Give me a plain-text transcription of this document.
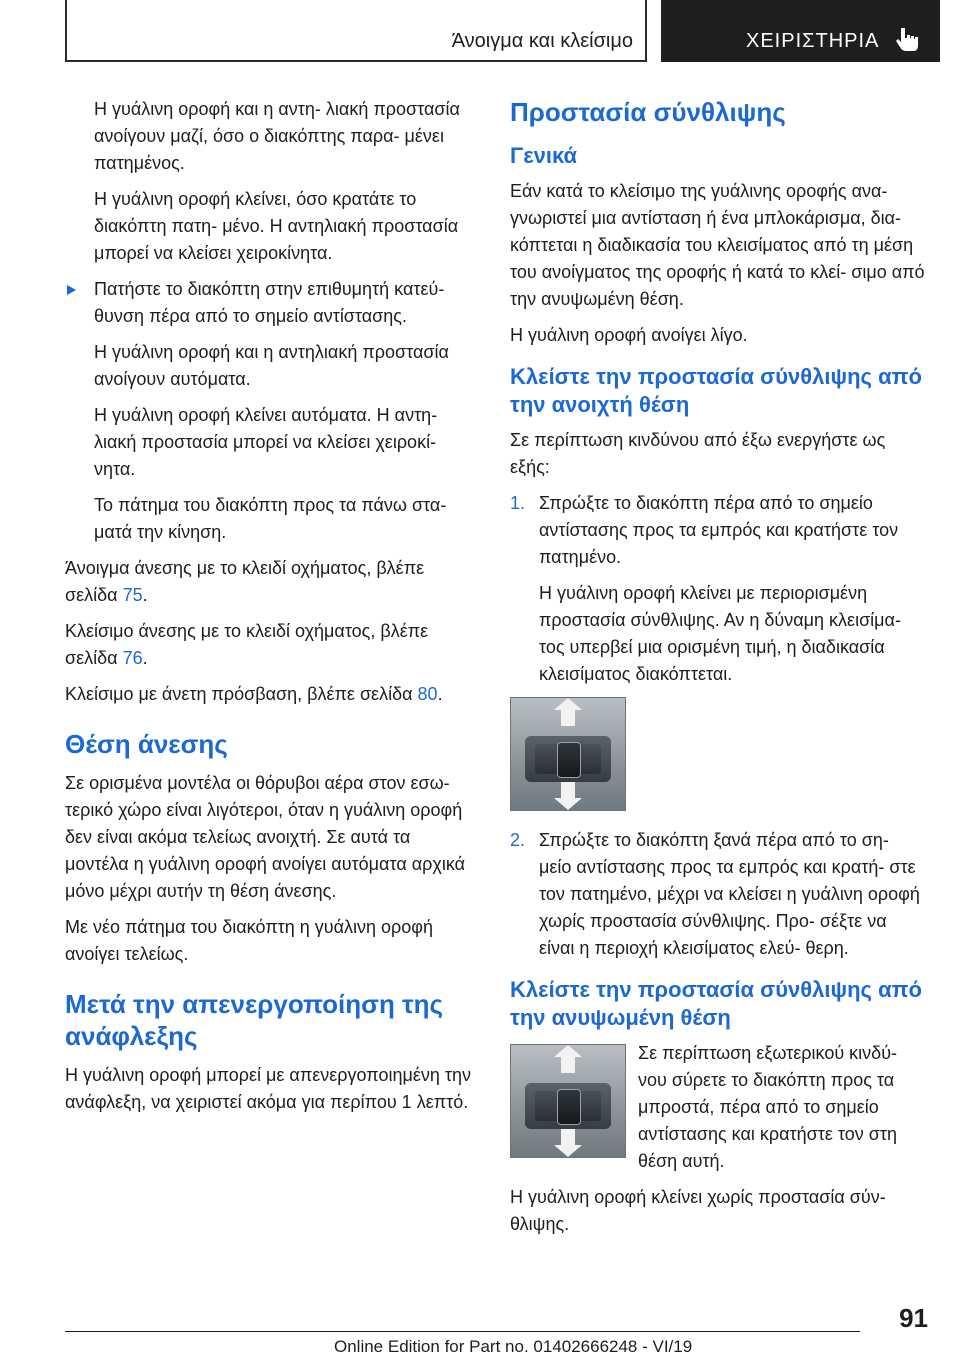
Άνοιγμα και κλείσιμο	ΧΕΙΡΙΣΤΗΡΙΑ

Η γυάλινη οροφή και η αντη- λιακή προστασία ανοίγουν μαζί, όσο ο διακόπτης παρα- μένει πατημένος.

Η γυάλινη οροφή κλείνει, όσο κρατάτε το διακόπτη πατη- μένο. Η αντηλιακή προστασία μπορεί να κλείσει χειροκίνητα.

Πατήστε το διακόπτη στην επιθυμητή κατεύ- θυνση πέρα από το σημείο αντίστασης.

Η γυάλινη οροφή και η αντηλιακή προστασία ανοίγουν αυτόματα.

Η γυάλινη οροφή κλείνει αυτόματα. Η αντη- λιακή προστασία μπορεί να κλείσει χειροκί- νητα.

Το πάτημα του διακόπτη προς τα πάνω στα- ματά την κίνηση.

Άνοιγμα άνεσης με το κλειδί οχήματος, βλέπε σελίδα 75.

Κλείσιμο άνεσης με το κλειδί οχήματος, βλέπε σελίδα 76.

Κλείσιμο με άνετη πρόσβαση, βλέπε σελίδα 80.

Θέση άνεσης

Σε ορισμένα μοντέλα οι θόρυβοι αέρα στον εσω- τερικό χώρο είναι λιγότεροι, όταν η γυάλινη οροφή δεν είναι ακόμα τελείως ανοιχτή. Σε αυτά τα μοντέλα η γυάλινη οροφή ανοίγει αυτόματα αρχικά μόνο μέχρι αυτήν τη θέση άνεσης.

Με νέο πάτημα του διακόπτη η γυάλινη οροφή ανοίγει τελείως.

Μετά την απενεργοποίηση της ανάφλεξης

Η γυάλινη οροφή μπορεί με απενεργοποιημένη την ανάφλεξη, να χειριστεί ακόμα για περίπου 1 λεπτό.

Προστασία σύνθλιψης
Γενικά

Εάν κατά το κλείσιμο της γυάλινης οροφής ανα- γνωριστεί μια αντίσταση ή ένα μπλοκάρισμα, δια- κόπτεται η διαδικασία του κλεισίματος από τη μέση του ανοίγματος της οροφής ή κατά το κλεί- σιμο από την ανυψωμένη θέση.

Η γυάλινη οροφή ανοίγει λίγο.

Κλείστε την προστασία σύνθλιψης από την ανοιχτή θέση

Σε περίπτωση κινδύνου από έξω ενεργήστε ως εξής:

1. Σπρώξτε το διακόπτη πέρα από το σημείο αντίστασης προς τα εμπρός και κρατήστε τον πατημένο.

Η γυάλινη οροφή κλείνει με περιορισμένη προστασία σύνθλιψης. Αν η δύναμη κλεισίμα- τος υπερβεί μια ορισμένη τιμή, η διαδικασία κλεισίματος διακόπτεται.

2. Σπρώξτε το διακόπτη ξανά πέρα από το ση- μείο αντίστασης προς τα εμπρός και κρατή- στε τον πατημένο, μέχρι να κλείσει η γυάλινη οροφή χωρίς προστασία σύνθλιψης. Προ- σέξτε να είναι η περιοχή κλεισίματος ελεύ- θερη.

Κλείστε την προστασία σύνθλιψης από την ανυψωμένη θέση

Σε περίπτωση εξωτερικού κινδύ- νου σύρετε το διακόπτη προς τα μπροστά, πέρα από το σημείο αντίστασης και κρατήστε τον στη θέση αυτή.

Η γυάλινη οροφή κλείνει χωρίς προστασία σύν- θλιψης.

91
Online Edition for Part no. 01402666248 - VI/19
